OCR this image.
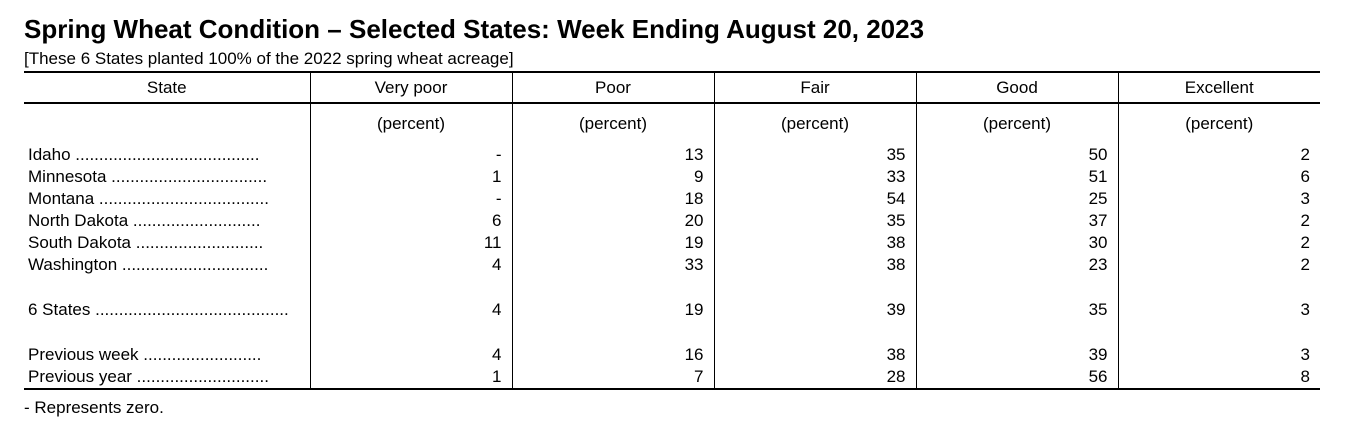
Spring Wheat Condition – Selected States: Week Ending August 20, 2023
[These 6 States planted 100% of the 2022 spring wheat acreage]
State	Very poor	Poor	Fair	Good	Excellent
	(percent)	(percent)	(percent)	(percent)	(percent)
Idaho .......................................	-	13	35	50	2
Minnesota .................................	1	9	33	51	6
Montana ....................................	-	18	54	25	3
North Dakota ...........................	6	20	35	37	2
South Dakota ...........................	11	19	38	30	2
Washington ...............................	4	33	38	23	2

6 States .........................................	4	19	39	35	3

Previous week .........................	4	16	38	39	3
Previous year ............................	1	7	28	56	8
- Represents zero.
